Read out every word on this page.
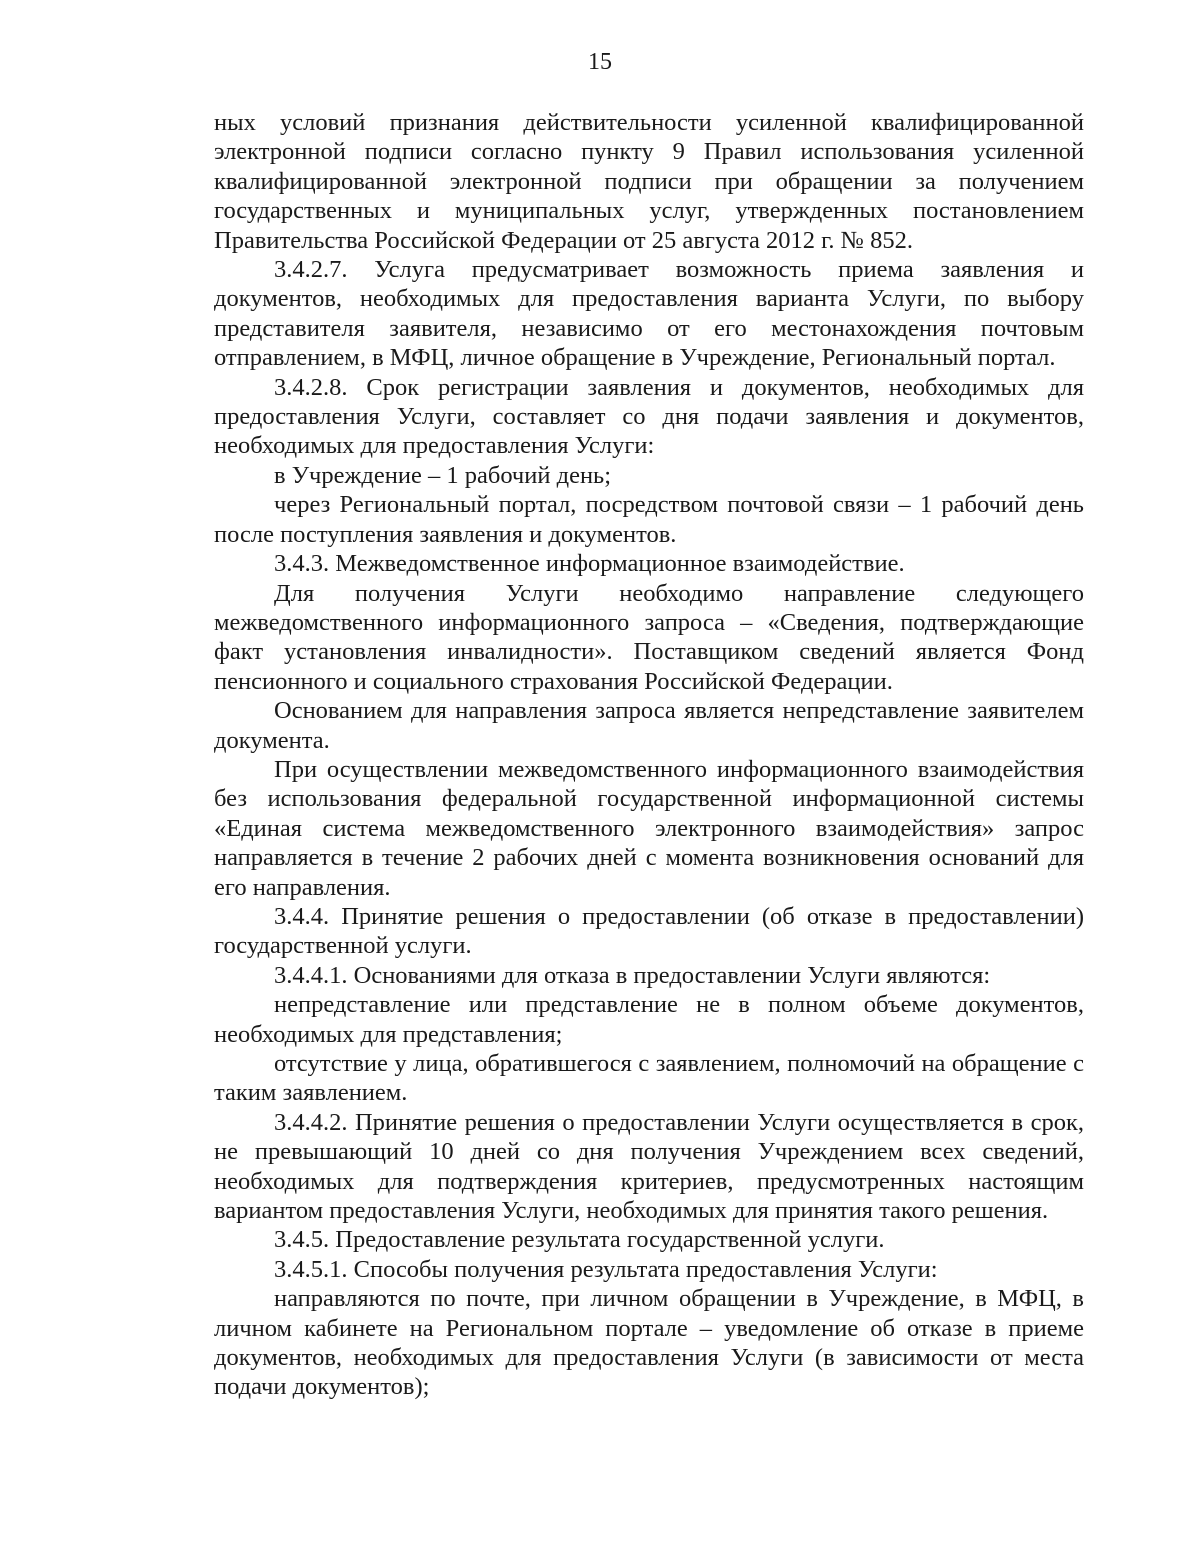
15

ных условий признания действительности усиленной квалифицированной электронной подписи согласно пункту 9 Правил использования усиленной квалифицированной электронной подписи при обращении за получением государственных и муниципальных услуг, утвержденных постановлением Правительства Российской Федерации от 25 августа 2012 г. № 852.

3.4.2.7. Услуга предусматривает возможность приема заявления и документов, необходимых для предоставления варианта Услуги, по выбору представителя заявителя, независимо от его местонахождения почтовым отправлением, в МФЦ, личное обращение в Учреждение, Региональный портал.

3.4.2.8. Срок регистрации заявления и документов, необходимых для предоставления Услуги, составляет со дня подачи заявления и документов, необходимых для предоставления Услуги:

в Учреждение – 1 рабочий день;

через Региональный портал, посредством почтовой связи – 1 рабочий день после поступления заявления и документов.

3.4.3. Межведомственное информационное взаимодействие.

Для получения Услуги необходимо направление следующего межведомственного информационного запроса – «Сведения, подтверждающие факт установления инвалидности». Поставщиком сведений является Фонд пенсионного и социального страхования Российской Федерации.

Основанием для направления запроса является непредставление заявителем документа.

При осуществлении межведомственного информационного взаимодействия без использования федеральной государственной информационной системы «Единая система межведомственного электронного взаимодействия» запрос направляется в течение 2 рабочих дней с момента возникновения оснований для его направления.

3.4.4. Принятие решения о предоставлении (об отказе в предоставлении) государственной услуги.

3.4.4.1. Основаниями для отказа в предоставлении Услуги являются:

непредставление или представление не в полном объеме документов, необходимых для представления;

отсутствие у лица, обратившегося с заявлением, полномочий на обращение с таким заявлением.

3.4.4.2. Принятие решения о предоставлении Услуги осуществляется в срок, не превышающий 10 дней со дня получения Учреждением всех сведений, необходимых для подтверждения критериев, предусмотренных настоящим вариантом предоставления Услуги, необходимых для принятия такого решения.

3.4.5. Предоставление результата государственной услуги.

3.4.5.1. Способы получения результата предоставления Услуги:

направляются по почте, при личном обращении в Учреждение, в МФЦ, в личном кабинете на Региональном портале – уведомление об отказе в приеме документов, необходимых для предоставления Услуги (в зависимости от места подачи документов);
